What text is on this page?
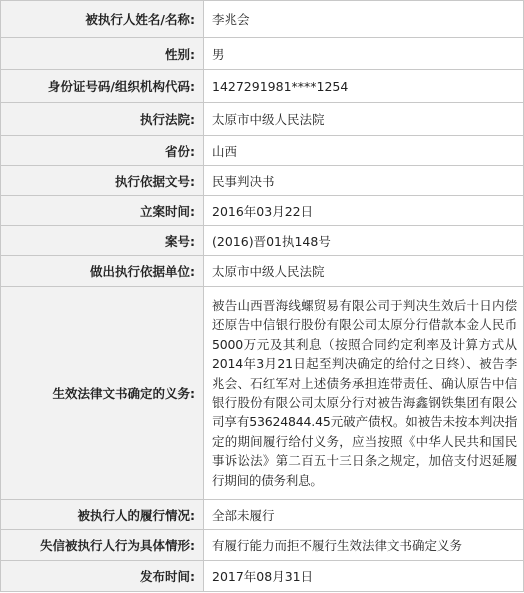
被执行人姓名/名称:	李兆会
性别:	男
身份证号码/组织机构代码:	1427291981****1254
执行法院:	太原市中级人民法院
省份:	山西
执行依据文号:	民事判决书
立案时间:	2016年03月22日
案号:	(2016)晋01执148号
做出执行依据单位:	太原市中级人民法院
生效法律文书确定的义务:	被告山西晋海线螺贸易有限公司于判决生效后十日内偿还原告中信银行股份有限公司太原分行借款本金人民币5000万元及其利息（按照合同约定利率及计算方式从2014年3月21日起至判决确定的给付之日终）、被告李兆会、石红军对上述债务承担连带责任、确认原告中信银行股份有限公司太原分行对被告海鑫钢铁集团有限公司享有53624844.45元破产债权。如被告未按本判决指定的期间履行给付义务，应当按照《中华人民共和国民事诉讼法》第二百五十三日条之规定，加倍支付迟延履行期间的债务利息。
被执行人的履行情况:	全部未履行
失信被执行人行为具体情形:	有履行能力而拒不履行生效法律文书确定义务
发布时间:	2017年08月31日
